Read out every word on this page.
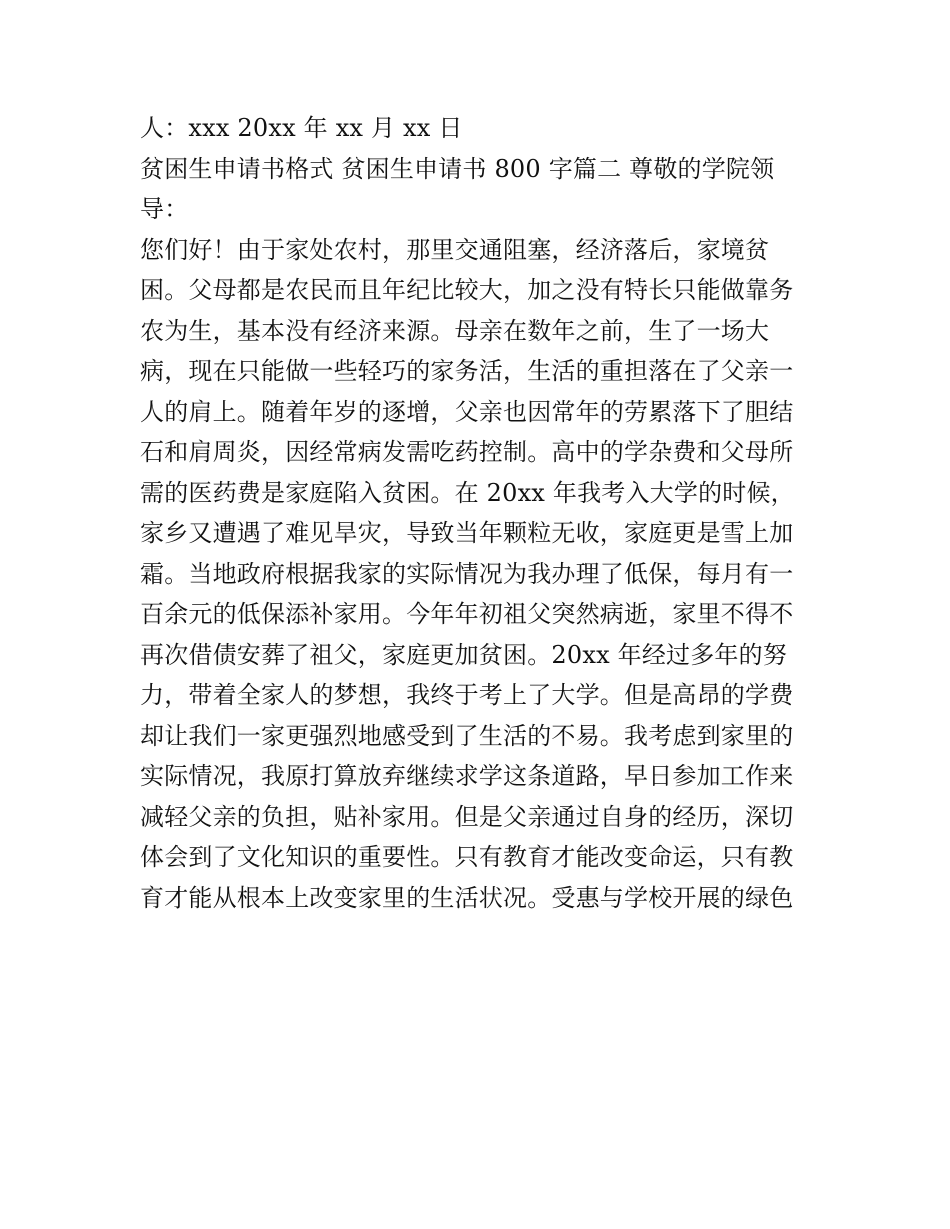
人：xxx 20xx 年 xx 月 xx 日
贫困生申请书格式 贫困生申请书 800 字篇二 尊敬的学院领
导：
您们好！由于家处农村，那里交通阻塞，经济落后，家境贫
困。父母都是农民而且年纪比较大，加之没有特长只能做靠务
农为生，基本没有经济来源。母亲在数年之前，生了一场大
病，现在只能做一些轻巧的家务活，生活的重担落在了父亲一
人的肩上。随着年岁的逐增，父亲也因常年的劳累落下了胆结
石和肩周炎，因经常病发需吃药控制。高中的学杂费和父母所
需的医药费是家庭陷入贫困。在 20xx 年我考入大学的时候，
家乡又遭遇了难见旱灾，导致当年颗粒无收，家庭更是雪上加
霜。当地政府根据我家的实际情况为我办理了低保，每月有一
百余元的低保添补家用。今年年初祖父突然病逝，家里不得不
再次借债安葬了祖父，家庭更加贫困。20xx 年经过多年的努
力，带着全家人的梦想，我终于考上了大学。但是高昂的学费
却让我们一家更强烈地感受到了生活的不易。我考虑到家里的
实际情况，我原打算放弃继续求学这条道路，早日参加工作来
减轻父亲的负担，贴补家用。但是父亲通过自身的经历，深切
体会到了文化知识的重要性。只有教育才能改变命运，只有教
育才能从根本上改变家里的生活状况。受惠与学校开展的绿色
